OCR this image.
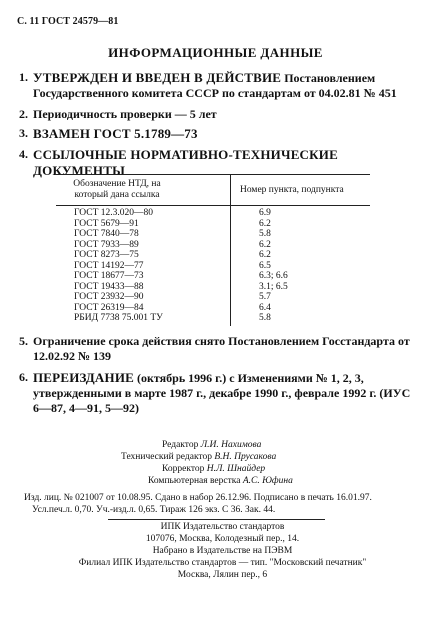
С. 11 ГОСТ 24579—81
ИНФОРМАЦИОННЫЕ ДАННЫЕ
1. УТВЕРЖДЕН И ВВЕДЕН В ДЕЙСТВИЕ Постановлением Государственного комитета СССР по стандартам от 04.02.81 № 451
2. Периодичность проверки — 5 лет
3. ВЗАМЕН ГОСТ 5.1789—73
4. ССЫЛОЧНЫЕ НОРМАТИВНО-ТЕХНИЧЕСКИЕ ДОКУМЕНТЫ
Обозначение НТД, на который дана ссылка	Номер пункта, подпункта
ГОСТ 12.3.020—80	6.9
ГОСТ 5679—91	6.2
ГОСТ 7840—78	5.8
ГОСТ 7933—89	6.2
ГОСТ 8273—75	6.2
ГОСТ 14192—77	6.5
ГОСТ 18677—73	6.3; 6.6
ГОСТ 19433—88	3.1; 6.5
ГОСТ 23932—90	5.7
ГОСТ 26319—84	6.4
РБИД 7738 75.001 ТУ	5.8
5. Ограничение срока действия снято Постановлением Госстандарта от 12.02.92 № 139
6. ПЕРЕИЗДАНИЕ (октябрь 1996 г.) с Изменениями № 1, 2, 3, утвержденными в марте 1987 г., декабре 1990 г., феврале 1992 г. (ИУС 6—87, 4—91, 5—92)
Редактор Л.И. Нахимова
Технический редактор В.Н. Прусакова
Корректор Н.Л. Шнайдер
Компьютерная верстка А.С. Юфина
Изд. лиц. № 021007 от 10.08.95. Сдано в набор 26.12.96. Подписано в печать 16.01.97.
Усл.печ.л. 0,70. Уч.-изд.л. 0,65. Тираж 126 экз. С 36. Зак. 44.
ИПК Издательство стандартов
107076, Москва, Колодезный пер., 14.
Набрано в Издательстве на ПЭВМ
Филиал ИПК Издательство стандартов — тип. "Московский печатник"
Москва, Лялин пер., 6
